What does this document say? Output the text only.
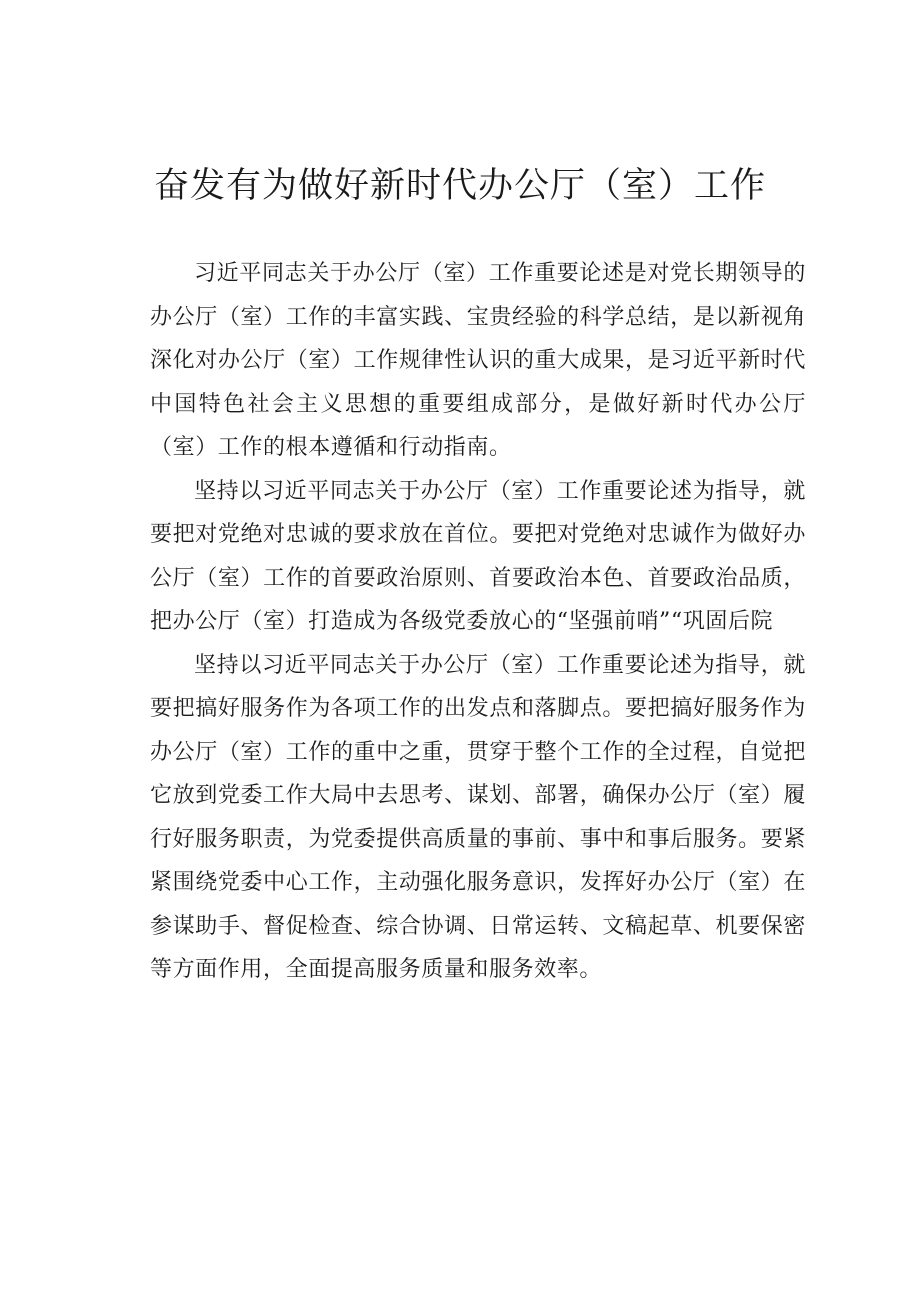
奋发有为做好新时代办公厅（室）工作

习近平同志关于办公厅（室）工作重要论述是对党长期领导的办公厅（室）工作的丰富实践、宝贵经验的科学总结，是以新视角深化对办公厅（室）工作规律性认识的重大成果，是习近平新时代中国特色社会主义思想的重要组成部分，是做好新时代办公厅（室）工作的根本遵循和行动指南。

坚持以习近平同志关于办公厅（室）工作重要论述为指导，就要把对党绝对忠诚的要求放在首位。要把对党绝对忠诚作为做好办公厅（室）工作的首要政治原则、首要政治本色、首要政治品质，把办公厅（室）打造成为各级党委放心的“坚强前哨”“巩固后院

坚持以习近平同志关于办公厅（室）工作重要论述为指导，就要把搞好服务作为各项工作的出发点和落脚点。要把搞好服务作为办公厅（室）工作的重中之重，贯穿于整个工作的全过程，自觉把它放到党委工作大局中去思考、谋划、部署，确保办公厅（室）履行好服务职责，为党委提供高质量的事前、事中和事后服务。要紧紧围绕党委中心工作，主动强化服务意识，发挥好办公厅（室）在参谋助手、督促检查、综合协调、日常运转、文稿起草、机要保密等方面作用，全面提高服务质量和服务效率。
